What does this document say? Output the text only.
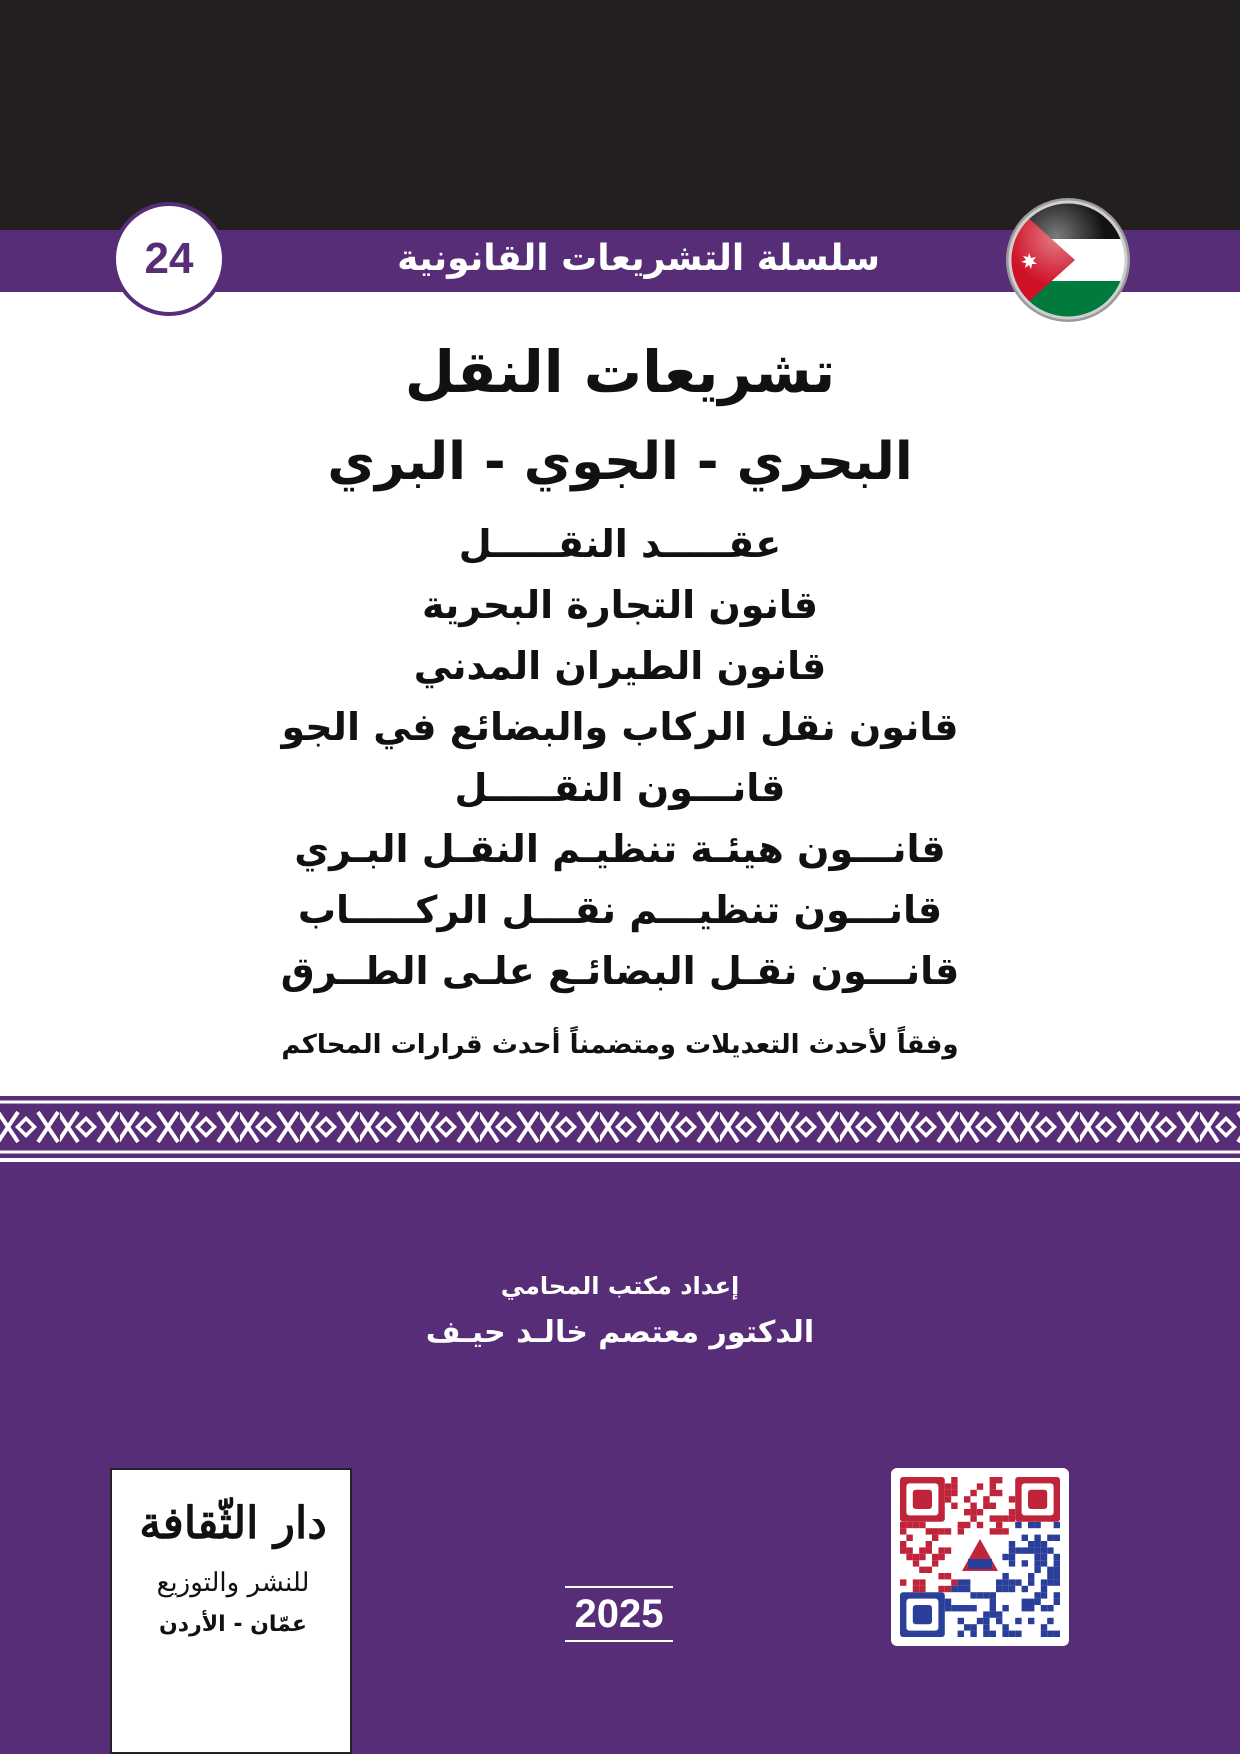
سلسلة التشريعات القانونية
24
تشريعات النقل
البحري - الجوي - البري
عقـــــد النقـــــل
قانون التجارة البحرية
قانون الطيران المدني
قانون نقل الركاب والبضائع في الجو
قانـــون النقـــــل
قانـــون هيئـة تنظيـم النقـل البـري
قانـــون تنظيـــم نقـــل الركـــــاب
قانـــون نقـل البضائـع علـى الطــرق
وفقاً لأحدث التعديلات ومتضمناً أحدث قرارات المحاكم
إعداد مكتب المحامي
الدكتور معتصم خالـد حيـف
دار الثّقافة
للنشر والتوزيع
عمّان - الأردن	2025
